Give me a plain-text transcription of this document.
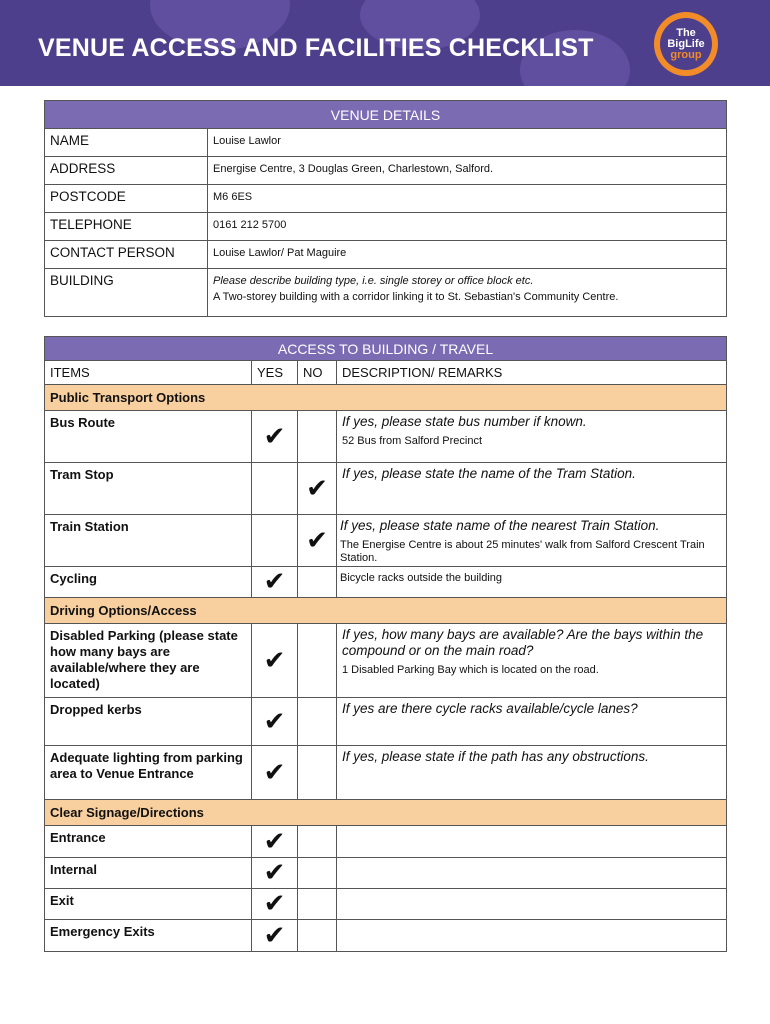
VENUE ACCESS AND FACILITIES CHECKLIST
The
BigLife
group
VENUE DETAILS	
NAME	Louise Lawlor
ADDRESS	Energise Centre, 3 Douglas Green, Charlestown, Salford.
POSTCODE	M6 6ES
TELEPHONE	0161 212 5700
CONTACT PERSON	Louise Lawlor/ Pat Maguire
BUILDING	Please describe building type, i.e. single storey or office block etc.
A Two-storey building with a corridor linking it to St. Sebastian's Community Centre.
ACCESS TO BUILDING / TRAVEL			
ITEMS	YES	NO	DESCRIPTION/ REMARKS
Public Transport Options			
Bus Route	✔		If yes, please state bus number if known.
52 Bus from Salford Precinct

Tram Stop		✔	If yes, please state the name of the Tram Station.

Train Station		✔	If yes, please state name of the nearest Train Station.
The Energise Centre is about 25 minutes' walk from Salford Crescent Train Station.

Cycling	✔		Bicycle racks outside the building

Driving Options/Access			
Disabled Parking (please state how many bays are available/where they are located)	✔		If yes, how many bays are available? Are the bays within the compound or on the main road?
1 Disabled Parking Bay which is located on the road.

Dropped kerbs	✔		If yes are there cycle racks available/cycle lanes?

Adequate lighting from parking area to Venue Entrance	✔		If yes, please state if the path has any obstructions.

Clear Signage/Directions			
Entrance	✔		
Internal	✔		
Exit	✔		
Emergency Exits	✔		
